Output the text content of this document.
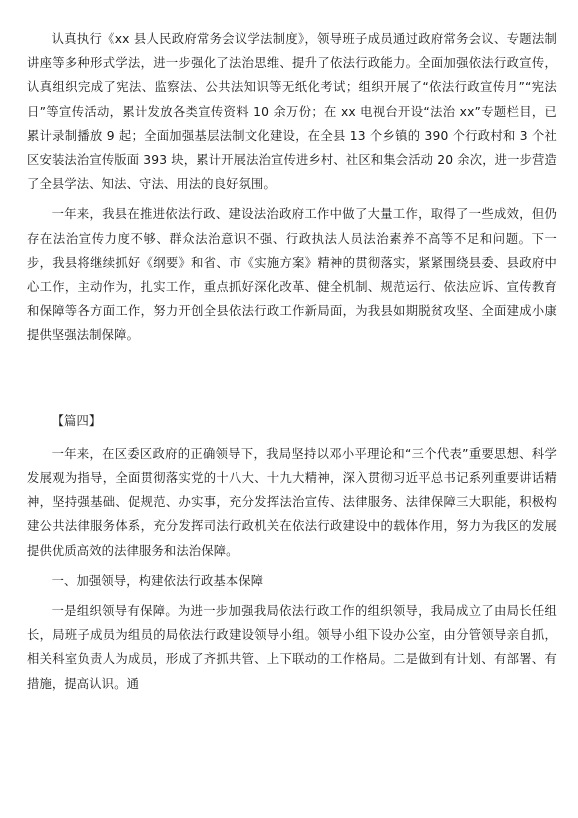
认真执行《xx 县人民政府常务会议学法制度》，领导班子成员通过政府常务会议、专题法制讲座等多种形式学法，进一步强化了法治思维、提升了依法行政能力。全面加强依法行政宣传，认真组织完成了宪法、监察法、公共法知识等无纸化考试；组织开展了“依法行政宣传月”“宪法日”等宣传活动，累计发放各类宣传资料 10 余万份；在 xx 电视台开设“法治 xx”专题栏目，已累计录制播放 9 起；全面加强基层法制文化建设，在全县 13 个乡镇的 390 个行政村和 3 个社区安装法治宣传版面 393 块，累计开展法治宣传进乡村、社区和集会活动 20 余次，进一步营造了全县学法、知法、守法、用法的良好氛围。

一年来，我县在推进依法行政、建设法治政府工作中做了大量工作，取得了一些成效，但仍存在法治宣传力度不够、群众法治意识不强、行政执法人员法治素养不高等不足和问题。下一步，我县将继续抓好《纲要》和省、市《实施方案》精神的贯彻落实，紧紧围绕县委、县政府中心工作，主动作为，扎实工作，重点抓好深化改革、健全机制、规范运行、依法应诉、宣传教育和保障等各方面工作，努力开创全县依法行政工作新局面，为我县如期脱贫攻坚、全面建成小康提供坚强法制保障。

【篇四】

一年来，在区委区政府的正确领导下，我局坚持以邓小平理论和“三个代表”重要思想、科学发展观为指导，全面贯彻落实党的十八大、十九大精神，深入贯彻习近平总书记系列重要讲话精神，坚持强基础、促规范、办实事，充分发挥法治宣传、法律服务、法律保障三大职能，积极构建公共法律服务体系，充分发挥司法行政机关在依法行政建设中的载体作用，努力为我区的发展提供优质高效的法律服务和法治保障。

一、加强领导，构建依法行政基本保障

一是组织领导有保障。为进一步加强我局依法行政工作的组织领导，我局成立了由局长任组长，局班子成员为组员的局依法行政建设领导小组。领导小组下设办公室，由分管领导亲自抓，相关科室负责人为成员，形成了齐抓共管、上下联动的工作格局。二是做到有计划、有部署、有措施，提高认识。通
